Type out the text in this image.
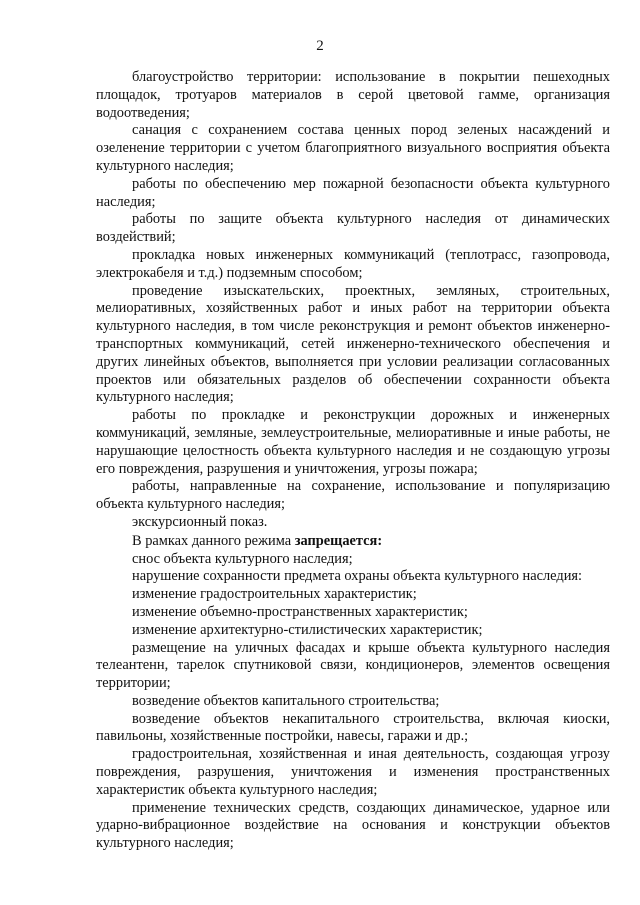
2

благоустройство территории: использование в покрытии пешеходных площадок, тротуаров материалов в серой цветовой гамме, организация водоотведения;

санация с сохранением состава ценных пород зеленых насаждений и озеленение территории с учетом благоприятного визуального восприятия объекта культурного наследия;

работы по обеспечению мер пожарной безопасности объекта культурного наследия;

работы по защите объекта культурного наследия от динамических воздействий;

прокладка новых инженерных коммуникаций (теплотрасс, газопровода, электрокабеля и т.д.) подземным способом;

проведение изыскательских, проектных, земляных, строительных, мелиоративных, хозяйственных работ и иных работ на территории объекта культурного наследия, в том числе реконструкция и ремонт объектов инженерно-транспортных коммуникаций, сетей инженерно-технического обеспечения и других линейных объектов, выполняется при условии реализации согласованных проектов или обязательных разделов об обеспечении сохранности объекта культурного наследия;

работы по прокладке и реконструкции дорожных и инженерных коммуникаций, земляные, землеустроительные, мелиоративные и иные работы, не нарушающие целостность объекта культурного наследия и не создающую угрозы его повреждения, разрушения и уничтожения, угрозы пожара;

работы, направленные на сохранение, использование и популяризацию объекта культурного наследия;

экскурсионный показ.

В рамках данного режима запрещается:

снос объекта культурного наследия;

нарушение сохранности предмета охраны объекта культурного наследия:

изменение градостроительных характеристик;

изменение объемно-пространственных характеристик;

изменение архитектурно-стилистических характеристик;

размещение на уличных фасадах и крыше объекта культурного наследия телеантенн, тарелок спутниковой связи, кондиционеров, элементов освещения территории;

возведение объектов капитального строительства;

возведение объектов некапитального строительства, включая киоски, павильоны, хозяйственные постройки, навесы, гаражи и др.;

градостроительная, хозяйственная и иная деятельность, создающая угрозу повреждения, разрушения, уничтожения и изменения пространственных характеристик объекта культурного наследия;

применение технических средств, создающих динамическое, ударное или ударно-вибрационное воздействие на основания и конструкции объектов культурного наследия;
